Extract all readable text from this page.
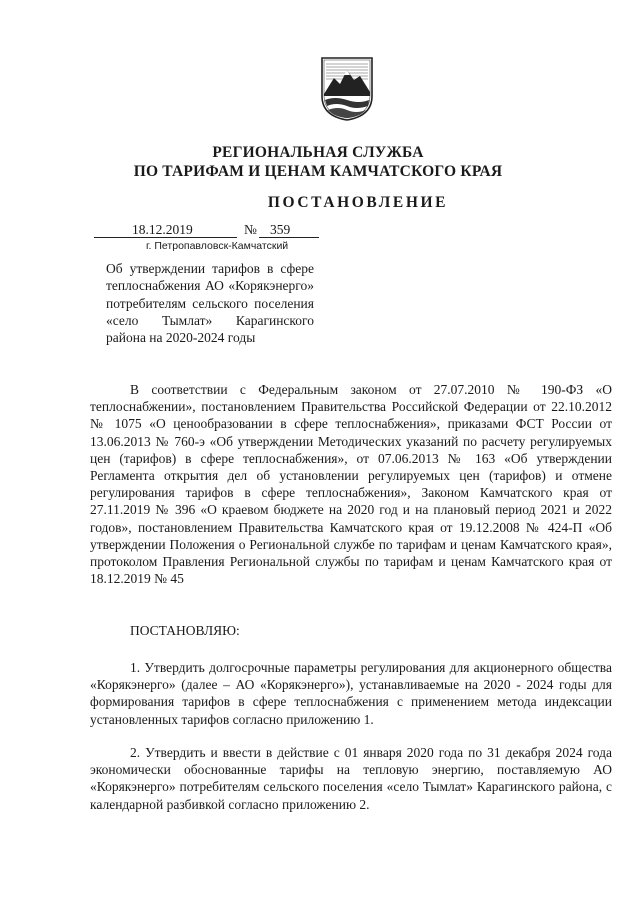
РЕГИОНАЛЬНАЯ СЛУЖБА
ПО ТАРИФАМ И ЦЕНАМ КАМЧАТСКОГО КРАЯ
ПОСТАНОВЛЕНИЕ
18.12.2019	№ 359
г. Петропавловск-Камчатский
Об утверждении тарифов в сфере теплоснабжения АО «Корякэнерго» потребителям сельского поселения «село Тымлат» Карагинского района на 2020-2024 годы

В соответствии с Федеральным законом от 27.07.2010 № 190-ФЗ «О теплоснабжении», постановлением Правительства Российской Федерации от 22.10.2012 № 1075 «О ценообразовании в сфере теплоснабжения», приказами ФСТ России от 13.06.2013 № 760-э «Об утверждении Методических указаний по расчету регулируемых цен (тарифов) в сфере теплоснабжения», от 07.06.2013 № 163 «Об утверждении Регламента открытия дел об установлении регулируемых цен (тарифов) и отмене регулирования тарифов в сфере теплоснабжения», Законом Камчатского края от 27.11.2019 № 396 «О краевом бюджете на 2020 год и на плановый период 2021 и 2022 годов», постановлением Правительства Камчатского края от 19.12.2008 № 424-П «Об утверждении Положения о Региональной службе по тарифам и ценам Камчатского края», протоколом Правления Региональной службы по тарифам и ценам Камчатского края от 18.12.2019 № 45

ПОСТАНОВЛЯЮ:

1. Утвердить долгосрочные параметры регулирования для акционерного общества «Корякэнерго» (далее – АО «Корякэнерго»), устанавливаемые на 2020 - 2024 годы для формирования тарифов в сфере теплоснабжения с применением метода индексации установленных тарифов согласно приложению 1.

2. Утвердить и ввести в действие с 01 января 2020 года по 31 декабря 2024 года экономически обоснованные тарифы на тепловую энергию, поставляемую АО «Корякэнерго» потребителям сельского поселения «село Тымлат» Карагинского района, с календарной разбивкой согласно приложению 2.
